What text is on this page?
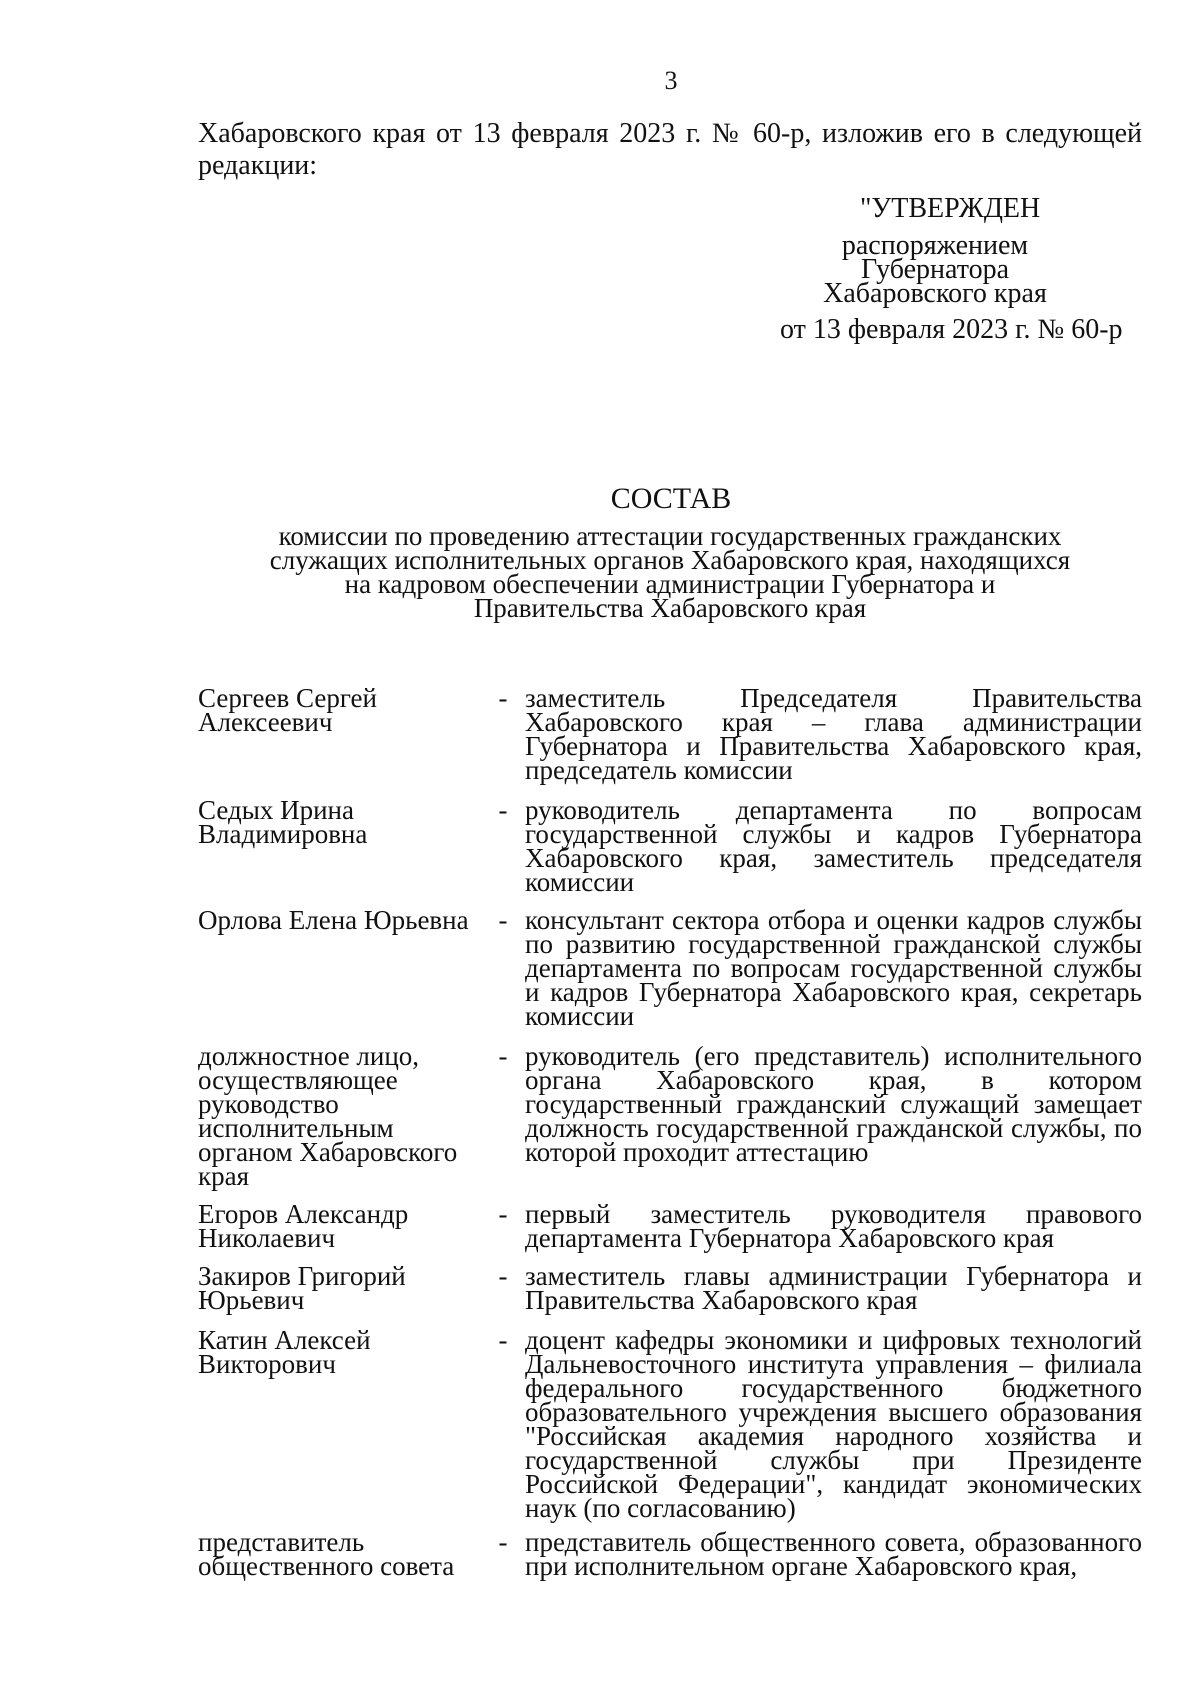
3
Хабаровского края от 13 февраля 2023 г. № 60-р, изложив его в следующей редакции:
"УТВЕРЖДЕН
распоряжением
Губернатора
Хабаровского края
от 13 февраля 2023 г. № 60-р
СОСТАВ
комиссии по проведению аттестации государственных гражданских
служащих исполнительных органов Хабаровского края, находящихся
на кадровом обеспечении администрации Губернатора и
Правительства Хабаровского края
Сергеев Сергей Алексеевич
- заместитель Председателя Правительства Хабаровского края – глава администрации Губернатора и Правительства Хабаровского края, председатель комиссии
Седых Ирина Владимировна
- руководитель департамента по вопросам государственной службы и кадров Губернатора Хабаровского края, заместитель председателя комиссии
Орлова Елена Юрьевна	- консультант сектора отбора и оценки кадров службы по развитию государственной гражданской службы департамента по вопросам государственной службы и кадров Губернатора Хабаровского края, секретарь комиссии
должностное лицо, осуществляющее руководство исполнительным органом Хабаровского края
- руководитель (его представитель) исполнительного органа Хабаровского края, в котором государственный гражданский служащий замещает должность государственной гражданской службы, по которой проходит аттестацию
Егоров Александр Николаевич
- первый заместитель руководителя правового департамента Губернатора Хабаровского края
Закиров Григорий Юрьевич
- заместитель главы администрации Губернатора и Правительства Хабаровского края
Катин Алексей Викторович
- доцент кафедры экономики и цифровых технологий Дальневосточного института управления – филиала федерального государственного бюджетного образовательного учреждения высшего образования "Российская академия народного хозяйства и государственной службы при Президенте Российской Федерации", кандидат экономических наук (по согласованию)
представитель общественного совета
- представитель общественного совета, образованного при исполнительном органе Хабаровского края,
